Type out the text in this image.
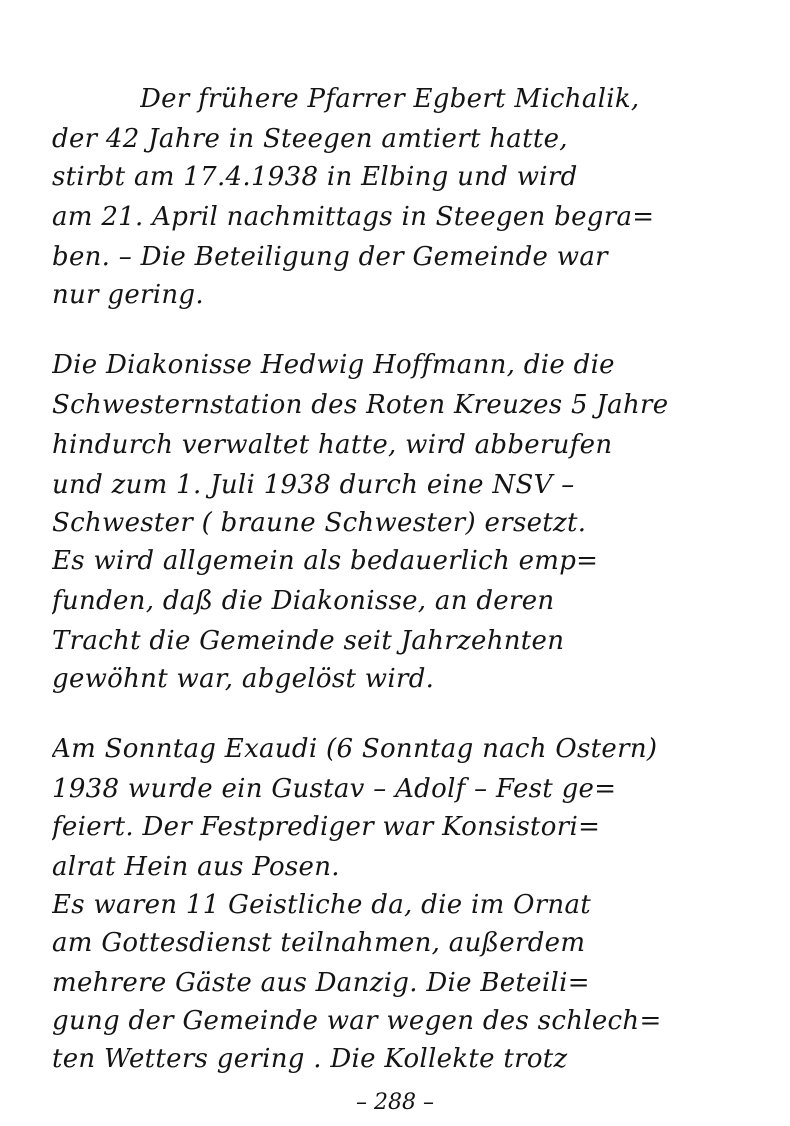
Der frühere Pfarrer Egbert Michalik,
der 42 Jahre in Steegen amtiert hatte,
stirbt am 17.4.1938 in Elbing und wird
am 21. April nachmittags in Steegen begra=
ben. – Die Beteiligung der Gemeinde war
nur gering.
Die Diakonisse Hedwig Hoffmann, die die
Schwesternstation des Roten Kreuzes 5 Jahre
hindurch verwaltet hatte, wird abberufen
und zum 1. Juli 1938 durch eine NSV –
Schwester ( braune Schwester) ersetzt.
Es wird allgemein als bedauerlich emp=
funden, daß die Diakonisse, an deren
Tracht die Gemeinde seit Jahrzehnten
gewöhnt war, abgelöst wird.
Am Sonntag Exaudi (6 Sonntag nach Ostern)
1938 wurde ein Gustav – Adolf – Fest ge=
feiert. Der Festprediger war Konsistori=
alrat Hein aus Posen.
Es waren 11 Geistliche da, die im Ornat
am Gottesdienst teilnahmen, außerdem
mehrere Gäste aus Danzig. Die Beteili=
gung der Gemeinde war wegen des schlech=
ten Wetters gering . Die Kollekte trotz
– 288 –
